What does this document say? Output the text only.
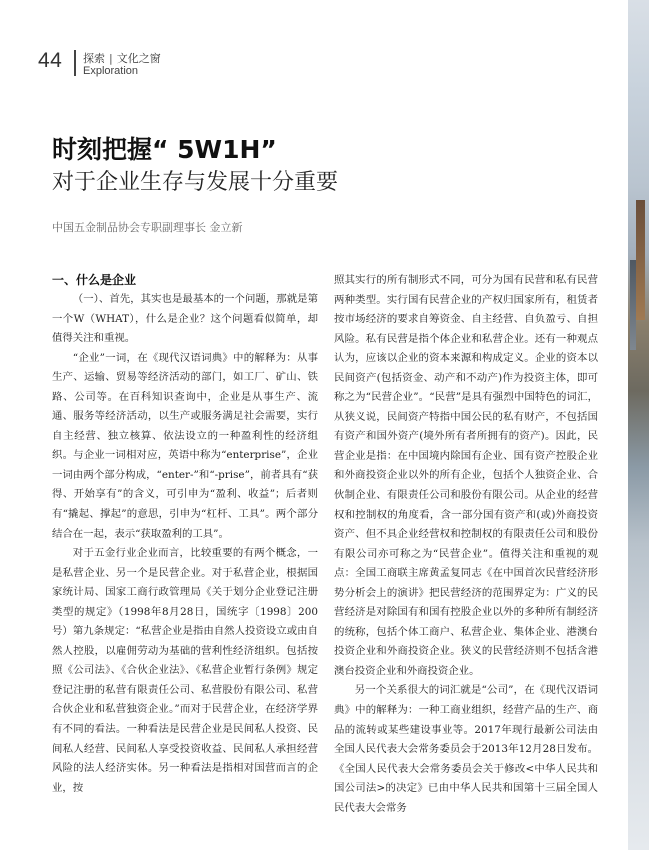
44 探索 | 文化之窗
Exploration
时刻把握“ 5W1H”
对于企业生存与发展十分重要
中国五金制品协会专职副理事长 金立新
一、什么是企业

（一）、首先，其实也是最基本的一个问题，那就是第一个W（WHAT），什么是企业？这个问题看似简单，却值得关注和重视。

“企业”一词，在《现代汉语词典》中的解释为：从事生产、运输、贸易等经济活动的部门，如工厂、矿山、铁路、公司等。在百科知识查询中，企业是从事生产、流通、服务等经济活动，以生产或服务满足社会需要，实行自主经营、独立核算、依法设立的一种盈利性的经济组织。与企业一词相对应，英语中称为“enterprise”，企业一词由两个部分构成，“enter-”和“-prise”，前者具有“获得、开始享有”的含义，可引申为“盈利、收益”；后者则有“撬起、撑起”的意思，引申为“杠杆、工具”。两个部分结合在一起，表示“获取盈利的工具”。

对于五金行业企业而言，比较重要的有两个概念，一是私营企业、另一个是民营企业。对于私营企业，根据国家统计局、国家工商行政管理局《关于划分企业登记注册类型的规定》（1998年8月28日，国统字〔1998〕200号）第九条规定：“私营企业是指由自然人投资设立或由自然人控股，以雇佣劳动为基础的营利性经济组织。包括按照《公司法》、《合伙企业法》、《私营企业暂行条例》规定登记注册的私营有限责任公司、私营股份有限公司、私营合伙企业和私营独资企业。”而对于民营企业，在经济学界有不同的看法。一种看法是民营企业是民间私人投资、民间私人经营、民间私人享受投资收益、民间私人承担经营风险的法人经济实体。另一种看法是指相对国营而言的企业，按

照其实行的所有制形式不同，可分为国有民营和私有民营两种类型。实行国有民营企业的产权归国家所有，租赁者按市场经济的要求自筹资金、自主经营、自负盈亏、自担风险。私有民营是指个体企业和私营企业。还有一种观点认为，应该以企业的资本来源和构成定义。企业的资本以民间资产(包括资金、动产和不动产)作为投资主体，即可称之为“民营企业”。“民营”是具有强烈中国特色的词汇，从狭义说，民间资产特指中国公民的私有财产，不包括国有资产和国外资产(境外所有者所拥有的资产)。因此，民营企业是指：在中国境内除国有企业、国有资产控股企业和外商投资企业以外的所有企业，包括个人独资企业、合伙制企业、有限责任公司和股份有限公司。从企业的经营权和控制权的角度看，含一部分国有资产和(或)外商投资资产、但不具企业经营权和控制权的有限责任公司和股份有限公司亦可称之为“民营企业”。值得关注和重视的观点：全国工商联主席黄孟复同志《在中国首次民营经济形势分析会上的演讲》把民营经济的范围界定为：广义的民营经济是对除国有和国有控股企业以外的多种所有制经济的统称，包括个体工商户、私营企业、集体企业、港澳台投资企业和外商投资企业。狭义的民营经济则不包括含港澳台投资企业和外商投资企业。

另一个关系很大的词汇就是“公司”，在《现代汉语词典》中的解释为：一种工商业组织，经营产品的生产、商品的流转或某些建设事业等。2017年现行最新公司法由全国人民代表大会常务委员会于2013年12月28日发布。《全国人民代表大会常务委员会关于修改<中华人民共和国公司法>的决定》已由中华人民共和国第十三届全国人民代表大会常务
